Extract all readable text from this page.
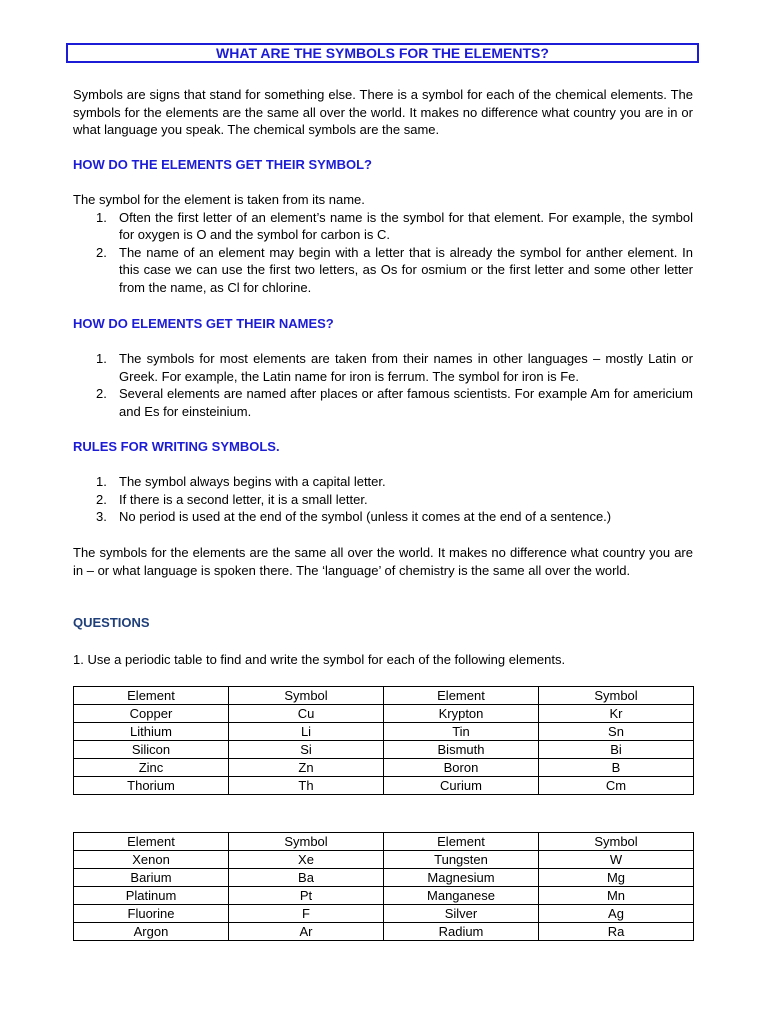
WHAT ARE THE SYMBOLS FOR THE ELEMENTS?
Symbols are signs that stand for something else. There is a symbol for each of the chemical elements. The symbols for the elements are the same all over the world. It makes no difference what country you are in or what language you speak. The chemical symbols are the same.
HOW DO THE ELEMENTS GET THEIR SYMBOL?
The symbol for the element is taken from its name.
1. Often the first letter of an element’s name is the symbol for that element. For example, the symbol for oxygen is O and the symbol for carbon is C.
2. The name of an element may begin with a letter that is already the symbol for anther element. In this case we can use the first two letters, as Os for osmium or the first letter and some other letter from the name, as Cl for chlorine.
HOW DO ELEMENTS GET THEIR NAMES?
1. The symbols for most elements are taken from their names in other languages – mostly Latin or Greek. For example, the Latin name for iron is ferrum. The symbol for iron is Fe.
2. Several elements are named after places or after famous scientists. For example Am for americium and Es for einsteinium.
RULES FOR WRITING SYMBOLS.
1. The symbol always begins with a capital letter.
2. If there is a second letter, it is a small letter.
3. No period is used at the end of the symbol (unless it comes at the end of a sentence.)
The symbols for the elements are the same all over the world. It makes no difference what country you are in – or what language is spoken there. The ‘language’ of chemistry is the same all over the world.
QUESTIONS
1. Use a periodic table to find and write the symbol for each of the following elements.
Element	Symbol	Element	Symbol
Copper	Cu	Krypton	Kr
Lithium	Li	Tin	Sn
Silicon	Si	Bismuth	Bi
Zinc	Zn	Boron	B
Thorium	Th	Curium	Cm
Element	Symbol	Element	Symbol
Xenon	Xe	Tungsten	W
Barium	Ba	Magnesium	Mg
Platinum	Pt	Manganese	Mn
Fluorine	F	Silver	Ag
Argon	Ar	Radium	Ra
